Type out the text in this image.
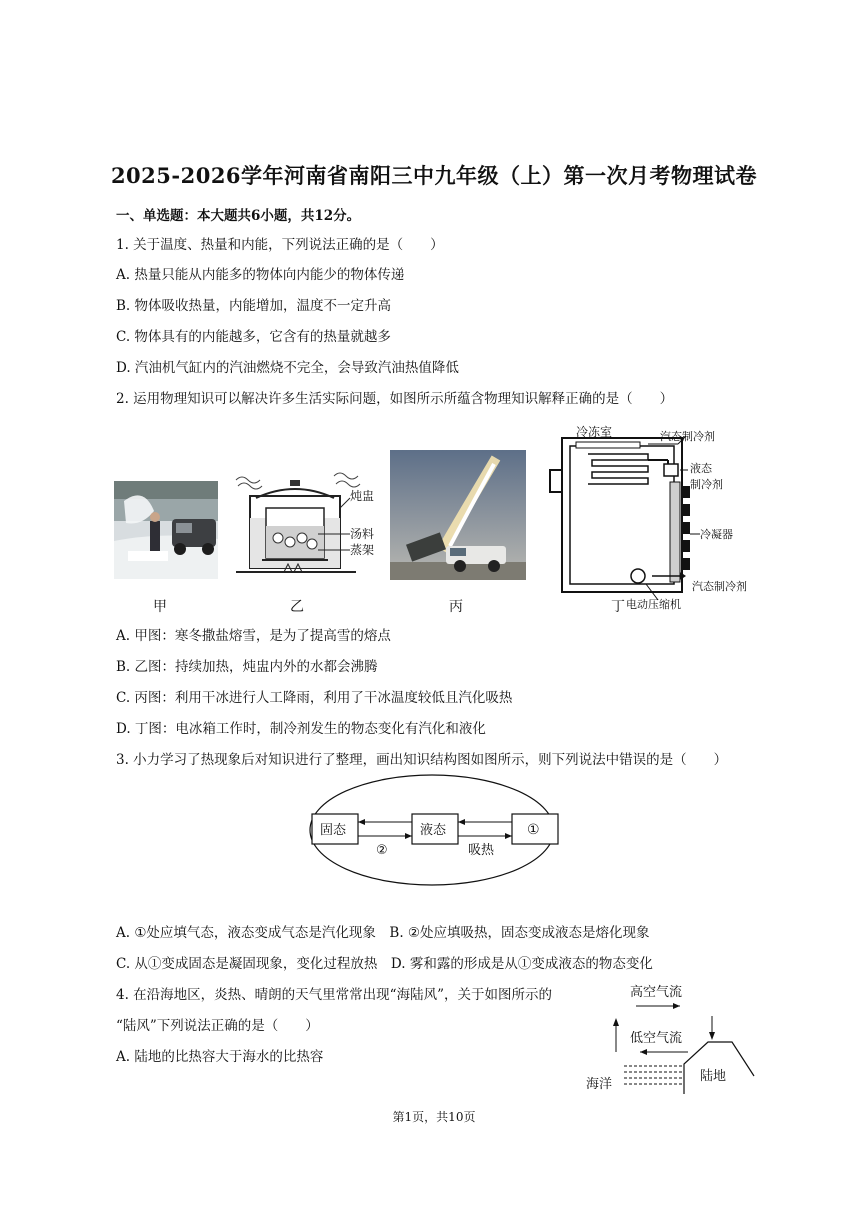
2025-2026学年河南省南阳三中九年级（上）第一次月考物理试卷
一、单选题：本大题共6小题，共12分。
1. 关于温度、热量和内能，下列说法正确的是（　　）
A. 热量只能从内能多的物体向内能少的物体传递
B. 物体吸收热量，内能增加，温度不一定升高
C. 物体具有的内能越多，它含有的热量就越多
D. 汽油机气缸内的汽油燃烧不完全，会导致汽油热值降低
2. 运用物理知识可以解决许多生活实际问题，如图所示所蕴含物理知识解释正确的是（　　）
炖盅
汤料
蒸架
冷冻室	汽态制冷剂
液态
制冷剂
冷凝器
汽态制冷剂
电动压缩机
甲	乙	丙	丁
A. 甲图：寒冬撒盐熔雪，是为了提高雪的熔点
B. 乙图：持续加热，炖盅内外的水都会沸腾
C. 丙图：利用干冰进行人工降雨，利用了干冰温度较低且汽化吸热
D. 丁图：电冰箱工作时，制冷剂发生的物态变化有汽化和液化
3. 小力学习了热现象后对知识进行了整理，画出知识结构图如图所示，则下列说法中错误的是（　　）
固态	液态	①
②	吸热
A. ①处应填气态，液态变成气态是汽化现象　B. ②处应填吸热，固态变成液态是熔化现象
C. 从①变成固态是凝固现象，变化过程放热　D. 雾和露的形成是从①变成液态的物态变化
4. 在沿海地区，炎热、晴朗的天气里常常出现“海陆风”，关于如图所示的
“陆风”下列说法正确的是（　　）
A. 陆地的比热容大于海水的比热容
高空气流
低空气流
海洋
陆地
第1页，共10页
